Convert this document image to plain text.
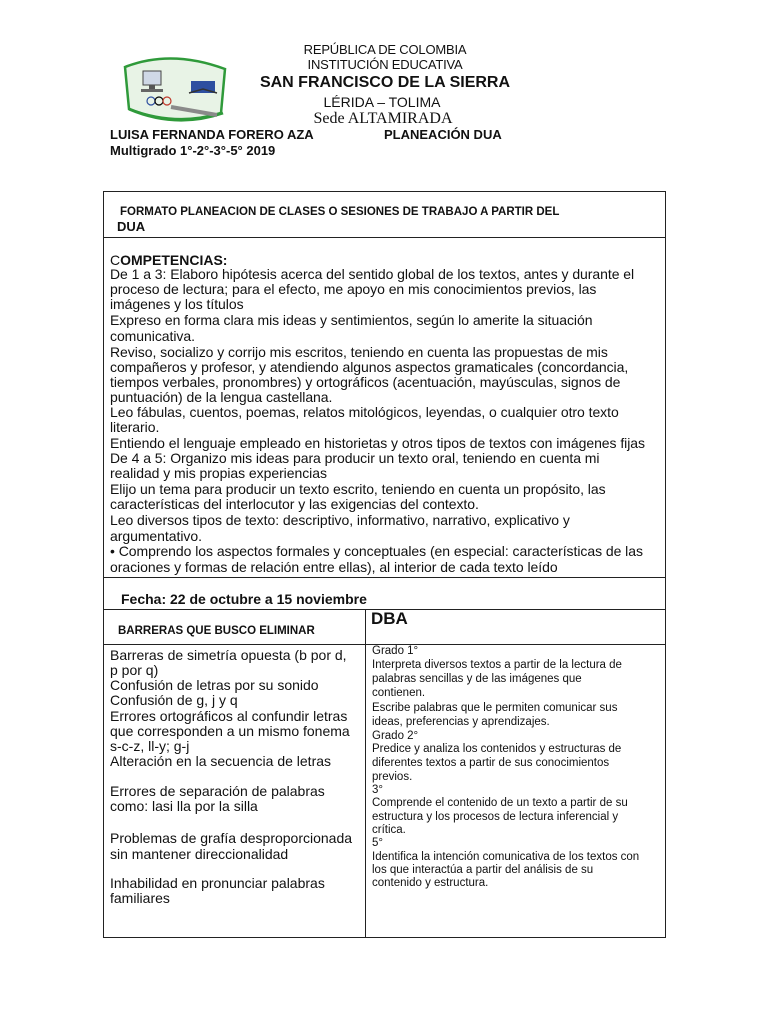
REPÚBLICA DE COLOMBIA
INSTITUCIÓN EDUCATIVA
SAN FRANCISCO DE LA SIERRA
LÉRIDA – TOLIMA
Sede ALTAMIRADA
LUISA FERNANDA FORERO AZA	PLANEACIÓN DUA
Multigrado 1°-2°-3°-5° 2019
FORMATO PLANEACION DE CLASES O SESIONES DE TRABAJO A PARTIR DEL
DUA
COMPETENCIAS:
De 1 a 3: Elaboro hipótesis acerca del sentido global de los textos, antes y durante el
proceso de lectura; para el efecto, me apoyo en mis conocimientos previos, las
imágenes y los títulos
Expreso en forma clara mis ideas y sentimientos, según lo amerite la situación
comunicativa.
Reviso, socializo y corrijo mis escritos, teniendo en cuenta las propuestas de mis
compañeros y profesor, y atendiendo algunos aspectos gramaticales (concordancia,
tiempos verbales, pronombres) y ortográficos (acentuación, mayúsculas, signos de
puntuación) de la lengua castellana.
Leo fábulas, cuentos, poemas, relatos mitológicos, leyendas, o cualquier otro texto
literario.
Entiendo el lenguaje empleado en historietas y otros tipos de textos con imágenes fijas
De 4 a 5: Organizo mis ideas para producir un texto oral, teniendo en cuenta mi
realidad y mis propias experiencias
Elijo un tema para producir un texto escrito, teniendo en cuenta un propósito, las
características del interlocutor y las exigencias del contexto.
Leo diversos tipos de texto: descriptivo, informativo, narrativo, explicativo y
argumentativo.
• Comprendo los aspectos formales y conceptuales (en especial: características de las
oraciones y formas de relación entre ellas), al interior de cada texto leído
Fecha: 22 de octubre a 15 noviembre
BARRERAS QUE BUSCO ELIMINAR
DBA
Barreras de simetría opuesta (b por d,
p por q)
Confusión de letras por su sonido
Confusión de g, j y q
Errores ortográficos al confundir letras
que corresponden a un mismo fonema
s-c-z, ll-y; g-j
Alteración en la secuencia de letras
Errores de separación de palabras
como: lasi lla por la silla
Problemas de grafía desproporcionada
sin mantener direccionalidad
Inhabilidad en pronunciar palabras
familiares
Grado 1°
Interpreta diversos textos a partir de la lectura de
palabras sencillas y de las imágenes que
contienen.
Escribe palabras que le permiten comunicar sus
ideas, preferencias y aprendizajes.
Grado 2°
Predice y analiza los contenidos y estructuras de
diferentes textos a partir de sus conocimientos
previos.
3°
Comprende el contenido de un texto a partir de su
estructura y los procesos de lectura inferencial y
crítica.
5°
Identifica la intención comunicativa de los textos con
los que interactúa a partir del análisis de su
contenido y estructura.
